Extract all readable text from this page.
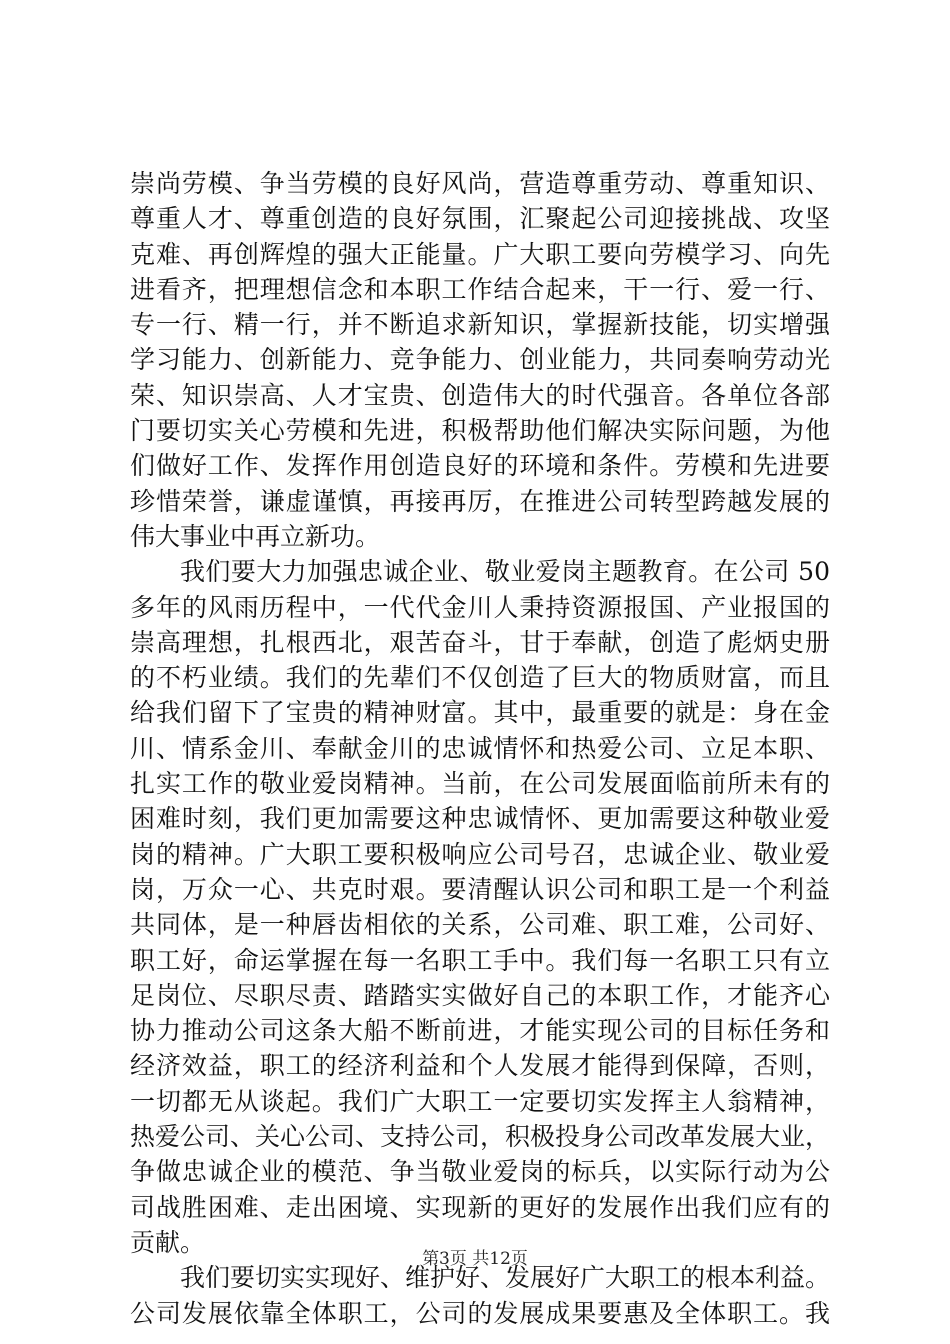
崇尚劳模、争当劳模的良好风尚，营造尊重劳动、尊重知识、
尊重人才、尊重创造的良好氛围，汇聚起公司迎接挑战、攻坚
克难、再创辉煌的强大正能量。广大职工要向劳模学习、向先
进看齐，把理想信念和本职工作结合起来，干一行、爱一行、
专一行、精一行，并不断追求新知识，掌握新技能，切实增强
学习能力、创新能力、竞争能力、创业能力，共同奏响劳动光
荣、知识崇高、人才宝贵、创造伟大的时代强音。各单位各部
门要切实关心劳模和先进，积极帮助他们解决实际问题，为他
们做好工作、发挥作用创造良好的环境和条件。劳模和先进要
珍惜荣誉，谦虚谨慎，再接再厉，在推进公司转型跨越发展的
伟大事业中再立新功。
我们要大力加强忠诚企业、敬业爱岗主题教育。在公司 50
多年的风雨历程中，一代代金川人秉持资源报国、产业报国的
崇高理想，扎根西北，艰苦奋斗，甘于奉献，创造了彪炳史册
的不朽业绩。我们的先辈们不仅创造了巨大的物质财富，而且
给我们留下了宝贵的精神财富。其中，最重要的就是：身在金
川、情系金川、奉献金川的忠诚情怀和热爱公司、立足本职、
扎实工作的敬业爱岗精神。当前，在公司发展面临前所未有的
困难时刻，我们更加需要这种忠诚情怀、更加需要这种敬业爱
岗的精神。广大职工要积极响应公司号召，忠诚企业、敬业爱
岗，万众一心、共克时艰。要清醒认识公司和职工是一个利益
共同体，是一种唇齿相依的关系，公司难、职工难，公司好、
职工好，命运掌握在每一名职工手中。我们每一名职工只有立
足岗位、尽职尽责、踏踏实实做好自己的本职工作，才能齐心
协力推动公司这条大船不断前进，才能实现公司的目标任务和
经济效益，职工的经济利益和个人发展才能得到保障，否则，
一切都无从谈起。我们广大职工一定要切实发挥主人翁精神，
热爱公司、关心公司、支持公司，积极投身公司改革发展大业，
争做忠诚企业的模范、争当敬业爱岗的标兵，以实际行动为公
司战胜困难、走出困境、实现新的更好的发展作出我们应有的
贡献。
我们要切实实现好、维护好、发展好广大职工的根本利益。
公司发展依靠全体职工，公司的发展成果要惠及全体职工。我
第3页 共12页
